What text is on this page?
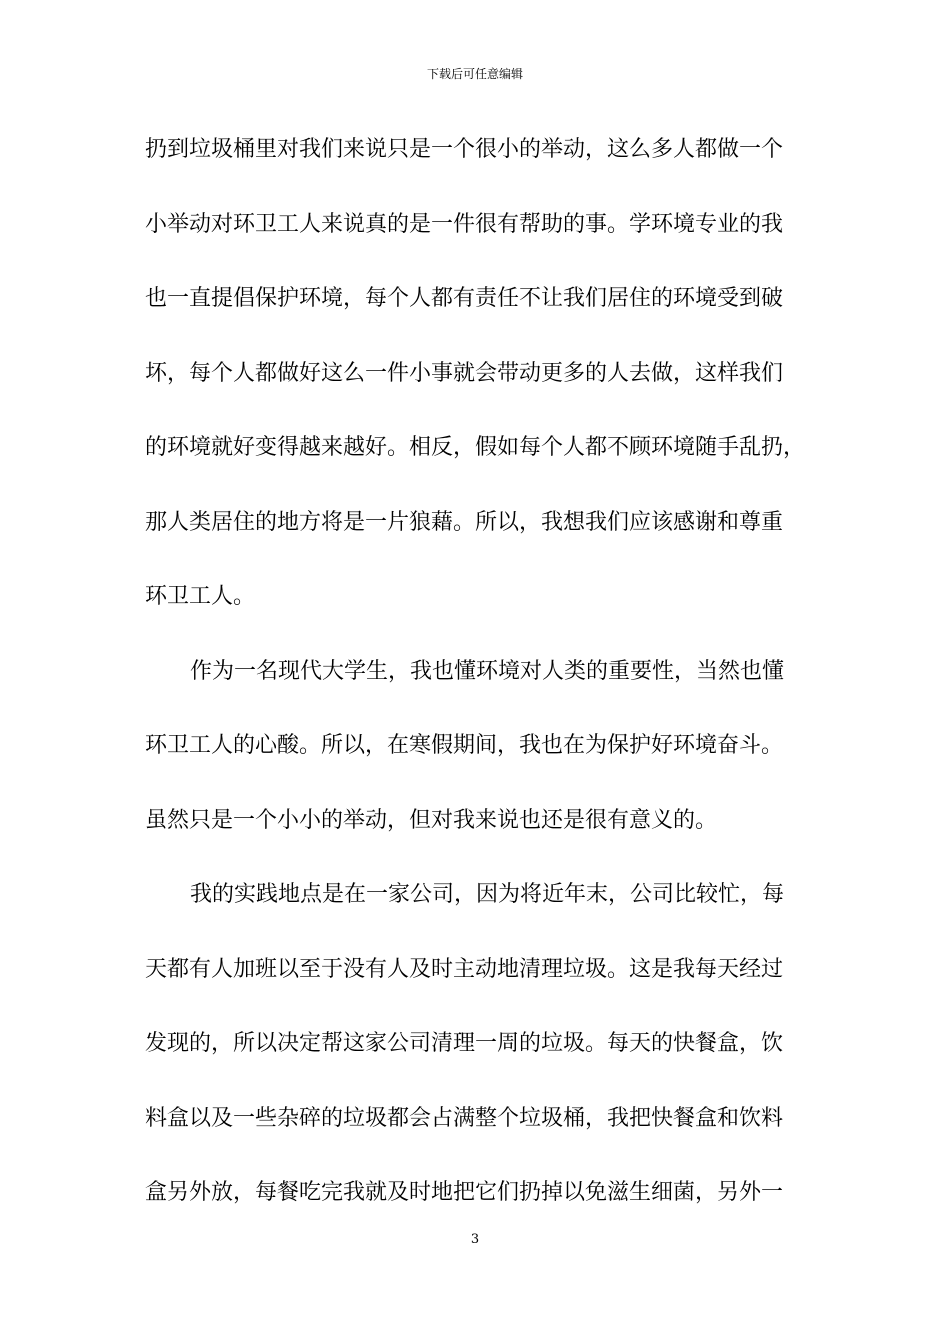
下载后可任意编辑
扔到垃圾桶里对我们来说只是一个很小的举动，这么多人都做一个
小举动对环卫工人来说真的是一件很有帮助的事。学环境专业的我
也一直提倡保护环境，每个人都有责任不让我们居住的环境受到破
坏，每个人都做好这么一件小事就会带动更多的人去做，这样我们
的环境就好变得越来越好。相反，假如每个人都不顾环境随手乱扔，
那人类居住的地方将是一片狼藉。所以，我想我们应该感谢和尊重
环卫工人。
作为一名现代大学生，我也懂环境对人类的重要性，当然也懂
环卫工人的心酸。所以，在寒假期间，我也在为保护好环境奋斗。
虽然只是一个小小的举动，但对我来说也还是很有意义的。
我的实践地点是在一家公司，因为将近年末，公司比较忙，每
天都有人加班以至于没有人及时主动地清理垃圾。这是我每天经过
发现的，所以决定帮这家公司清理一周的垃圾。每天的快餐盒，饮
料盒以及一些杂碎的垃圾都会占满整个垃圾桶，我把快餐盒和饮料
盒另外放，每餐吃完我就及时地把它们扔掉以免滋生细菌，另外一
3
